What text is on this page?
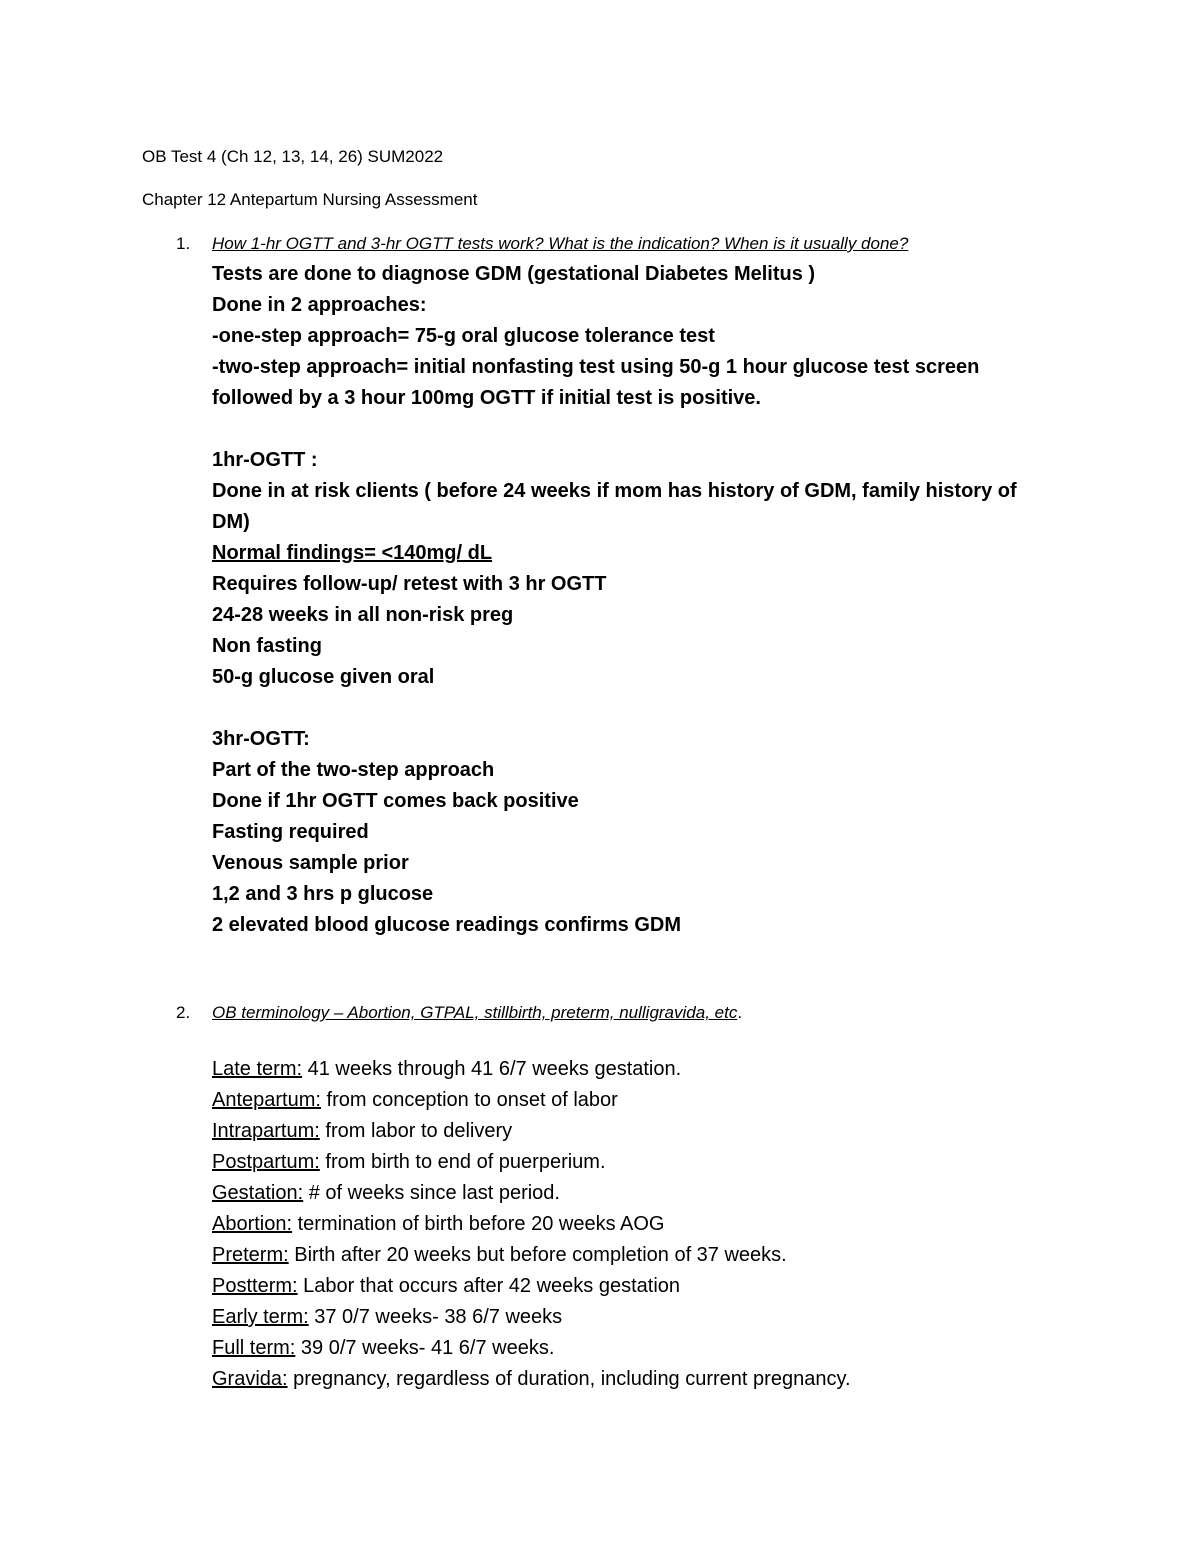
OB Test 4 (Ch 12, 13, 14, 26) SUM2022
Chapter 12 Antepartum Nursing Assessment
1. How 1-hr OGTT and 3-hr OGTT tests work? What is the indication? When is it usually done?
Tests are done to diagnose GDM (gestational Diabetes Melitus )
Done in 2 approaches:
-one-step approach= 75-g oral glucose tolerance test
-two-step approach= initial nonfasting test using 50-g 1 hour glucose test screen
followed by a 3 hour 100mg OGTT if initial test is positive.
1hr-OGTT :
Done in at risk clients ( before 24 weeks if mom has history of GDM, family history of
DM)
Normal findings= <140mg/ dL
Requires follow-up/ retest with 3 hr OGTT
24-28 weeks in all non-risk preg
Non fasting
50-g glucose given oral
3hr-OGTT:
Part of the two-step approach
Done if 1hr OGTT comes back positive
Fasting required
Venous sample prior
1,2 and 3 hrs p glucose
2 elevated blood glucose readings confirms GDM
2. OB terminology – Abortion, GTPAL, stillbirth, preterm, nulligravida, etc.
Late term: 41 weeks through 41 6/7 weeks gestation.
Antepartum: from conception to onset of labor
Intrapartum: from labor to delivery
Postpartum: from birth to end of puerperium.
Gestation: # of weeks since last period.
Abortion: termination of birth before 20 weeks AOG
Preterm: Birth after 20 weeks but before completion of 37 weeks.
Postterm: Labor that occurs after 42 weeks gestation
Early term: 37 0/7 weeks- 38 6/7 weeks
Full term: 39 0/7 weeks- 41 6/7 weeks.
Gravida: pregnancy, regardless of duration, including current pregnancy.
